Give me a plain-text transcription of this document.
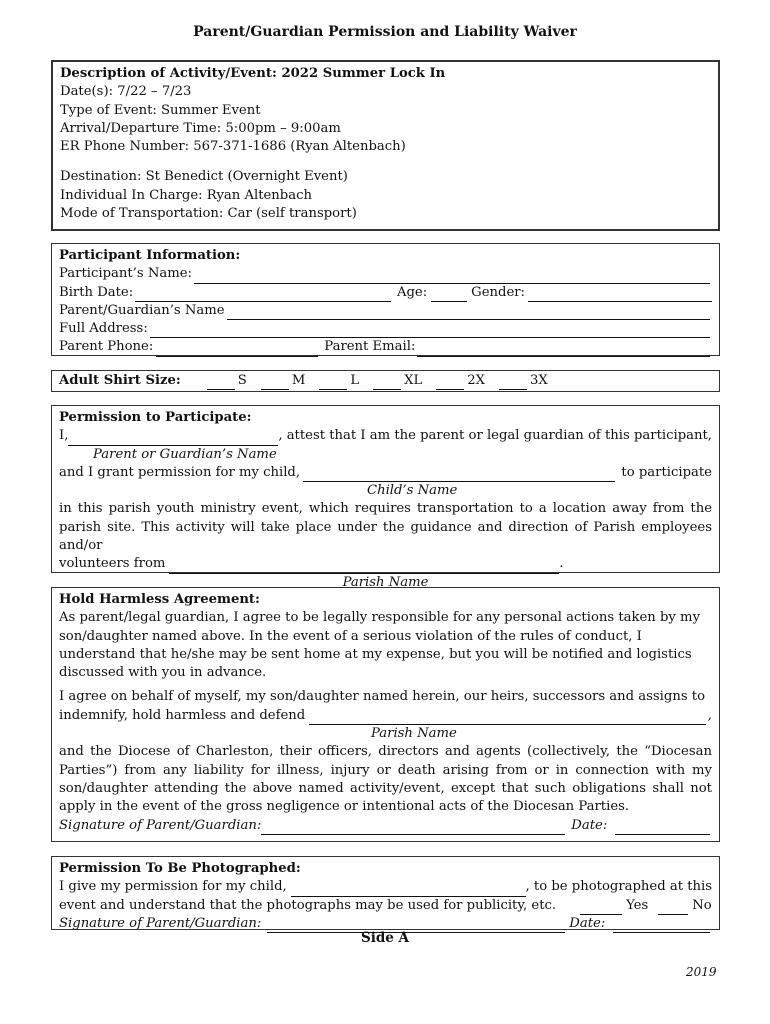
Parent/Guardian Permission and Liability Waiver
Description of Activity/Event: 2022 Summer Lock In
Date(s): 7/22 – 7/23
Type of Event: Summer Event
Arrival/Departure Time: 5:00pm – 9:00am
ER Phone Number: 567-371-1686 (Ryan Altenbach)
Destination: St Benedict (Overnight Event)
Individual In Charge: Ryan Altenbach
Mode of Transportation: Car (self transport)
Participant Information:
Participant’s Name:
Birth Date:	Age:	Gender:
Parent/Guardian’s Name
Full Address:
Parent Phone:	Parent Email:
Adult Shirt Size:	S	M	L	XL	2X	3X
Permission to Participate:
I,	, attest that I am the parent or legal guardian of this participant,
Parent or Guardian’s Name
and I grant permission for my child,	to participate
Child’s Name
in this parish youth ministry event, which requires transportation to a location away from the parish site. This activity will take place under the guidance and direction of Parish employees and/or
volunteers from	.
Parish Name
Hold Harmless Agreement:
As parent/legal guardian, I agree to be legally responsible for any personal actions taken by my son/daughter named above. In the event of a serious violation of the rules of conduct, I understand that he/she may be sent home at my expense, but you will be notified and logistics discussed with you in advance.
I agree on behalf of myself, my son/daughter named herein, our heirs, successors and assigns to
indemnify, hold harmless and defend	,
Parish Name
and the Diocese of Charleston, their officers, directors and agents (collectively, the “Diocesan Parties”) from any liability for illness, injury or death arising from or in connection with my son/daughter attending the above named activity/event, except that such obligations shall not apply in the event of the gross negligence or intentional acts of the Diocesan Parties.
Signature of Parent/Guardian:	Date:
Permission To Be Photographed:
I give my permission for my child,	, to be photographed at this
event and understand that the photographs may be used for publicity, etc.	Yes	No
Signature of Parent/Guardian:	Date:
Side A
2019
